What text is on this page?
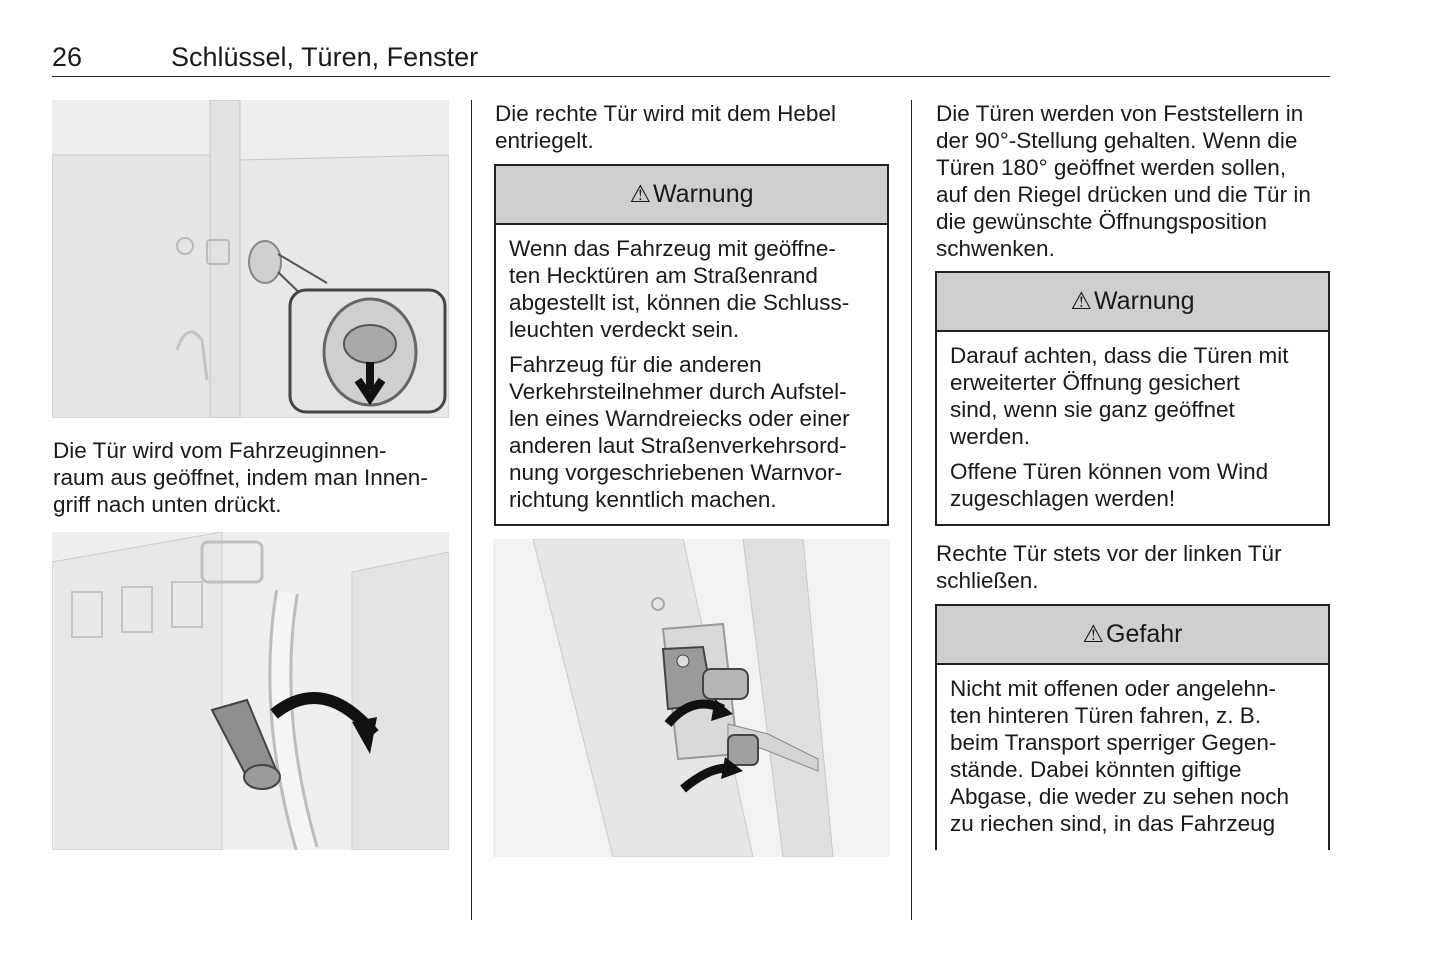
26	Schlüssel, Türen, Fenster

Die Tür wird vom Fahrzeuginnen-
raum aus geöffnet, indem man Innen-
griff nach unten drückt.

Die rechte Tür wird mit dem Hebel
entriegelt.

⚠ Warnung

Wenn das Fahrzeug mit geöffne-
ten Hecktüren am Straßenrand
abgestellt ist, können die Schluss-
leuchten verdeckt sein.

Fahrzeug für die anderen
Verkehrsteilnehmer durch Aufstel-
len eines Warndreiecks oder einer
anderen laut Straßenverkehrsord-
nung vorgeschriebenen Warnvor-
richtung kenntlich machen.

Die Türen werden von Feststellern in
der 90°-Stellung gehalten. Wenn die
Türen 180° geöffnet werden sollen,
auf den Riegel drücken und die Tür in
die gewünschte Öffnungsposition
schwenken.

⚠ Warnung

Darauf achten, dass die Türen mit
erweiterter Öffnung gesichert
sind, wenn sie ganz geöffnet
werden.

Offene Türen können vom Wind
zugeschlagen werden!

Rechte Tür stets vor der linken Tür
schließen.

⚠ Gefahr

Nicht mit offenen oder angelehn-
ten hinteren Türen fahren, z. B.
beim Transport sperriger Gegen-
stände. Dabei könnten giftige
Abgase, die weder zu sehen noch
zu riechen sind, in das Fahrzeug
